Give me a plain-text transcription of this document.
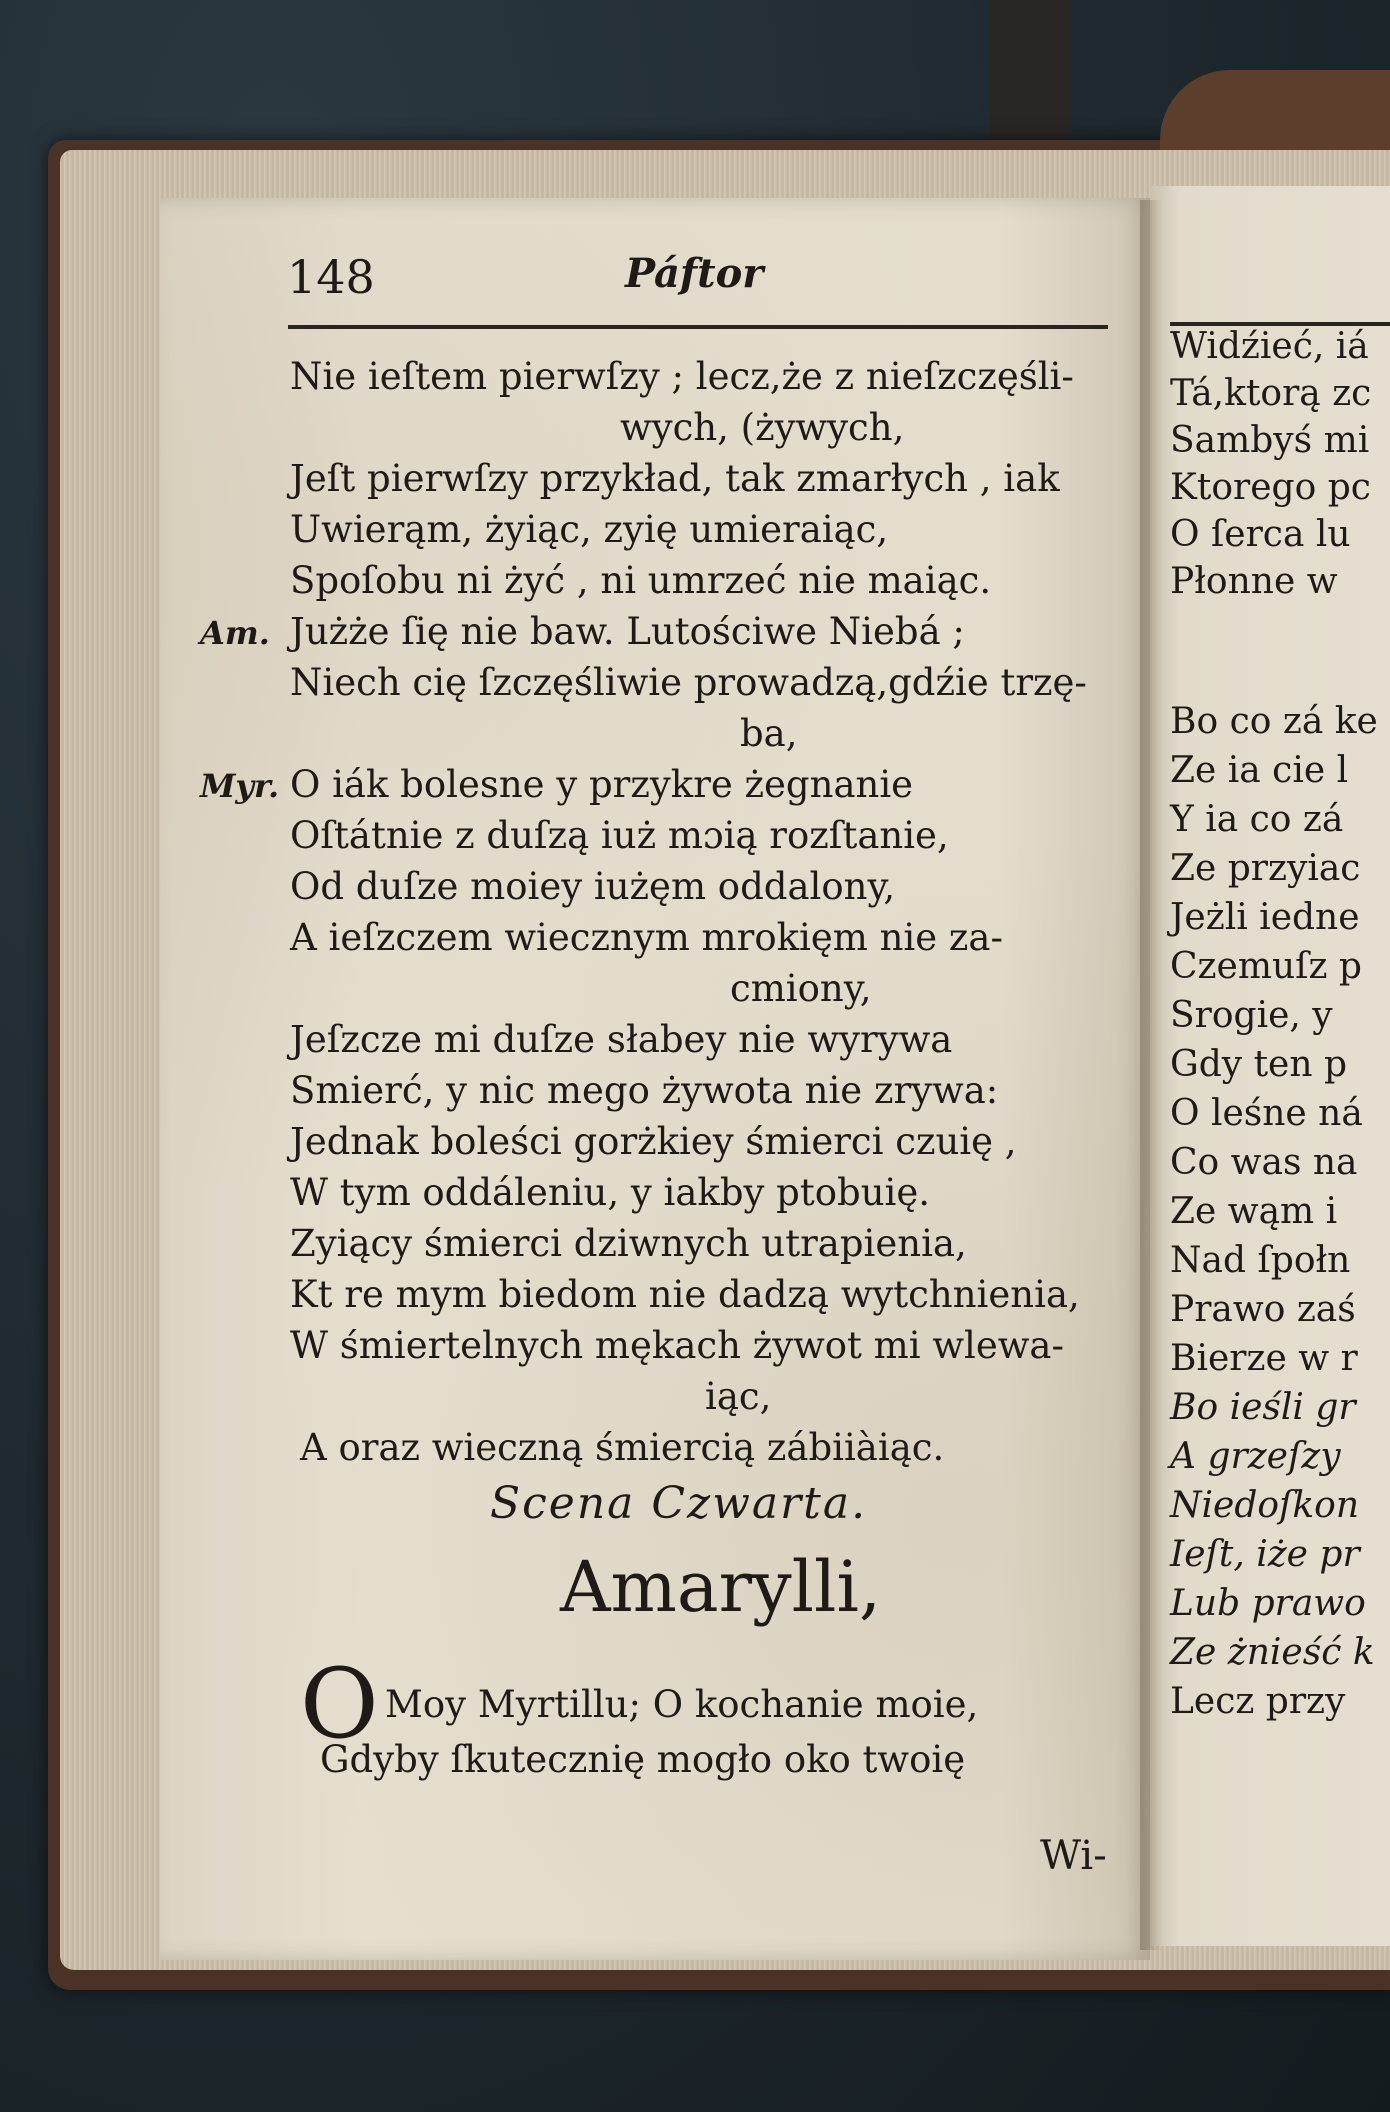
Widźieć, iá
Tá,ktorą zc
Sambyś mi
Ktorego pc
O ſerca lu
Płonne w
Bo co zá ke
Ze ia cie l
Y ia co zá
Ze przyiac
Jeżli iedne
Czemuſz p
Srogie, y
Gdy ten p
O leśne ná
Co was na
Ze wąm i
Nad ſpołn
Prawo zaś
Bierze w r
Bo ieśli gr
A grzeſzy
Niedoſkon
Ieſt, iże pr
Lub prawo
Ze żnieść k
Lecz przy
148	Páftor
Nie ieſtem pierwſzy ; lecz,że z nieſzczęśli-
wych, (żywych,
Jeſt pierwſzy przykład, tak zmarłych , iak
Uwierąm, żyiąc, zyię umieraiąc,
Spoſobu ni żyć , ni umrzeć nie maiąc.
Am. Jużże ſię nie baw. Lutościwe Niebá ;
Niech cię ſzczęśliwie prowadzą,gdźie trzę-
ba,
Myr. O iák bolesne y przykre żegnanie
Oſtátnie z duſzą iuż mɔią rozſtanie,
Od duſze moiey iużęm oddalony,
A ieſzczem wiecznym mrokięm nie za-
cmiony,
Jeſzcze mi duſze słabey nie wyrywa
Smierć, y nic mego żywota nie zrywa:
Jednak boleści gorżkiey śmierci czuię ,
W tym oddáleniu, y iakby ptobuię.
Zyiący śmierci dziwnych utrapienia,
Kt re mym biedom nie dadzą wytchnienia,
W śmiertelnych mękach żywot mi wlewa-
iąc,
A oraz wieczną śmiercią zábiiàiąc.
Scena Czwarta.
Amarylli,
O Moy Myrtillu; O kochanie moie,
Gdyby ſkutecznię mogło oko twoię
Wi-
